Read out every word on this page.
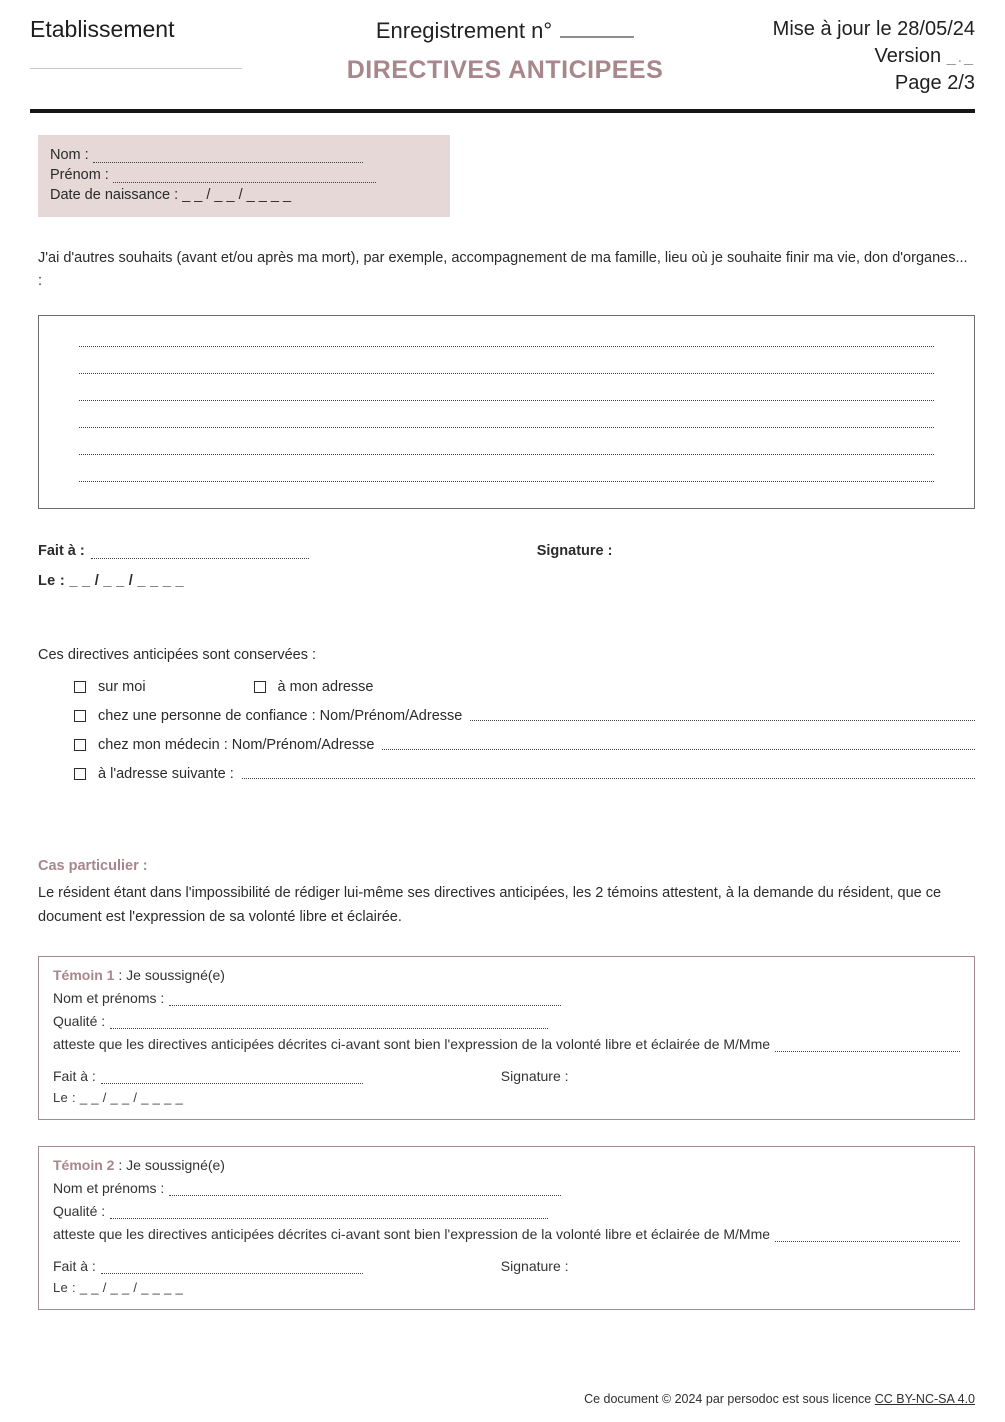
Etablissement	Enregistrement n°
DIRECTIVES ANTICIPEES
Mise à jour le 28/05/24
Version _._
Page 2/3
Nom :
Prénom :
Date de naissance : _ _ / _ _ / _ _ _ _

J'ai d'autres souhaits (avant et/ou après ma mort), par exemple, accompagnement de ma famille, lieu où je souhaite finir ma vie, don d'organes... :

Fait à :	Signature :
Le : _ _ / _ _ / _ _ _ _

Ces directives anticipées sont conservées :

sur moi	à mon adresse
chez une personne de confiance : Nom/Prénom/Adresse
chez mon médecin : Nom/Prénom/Adresse
à l'adresse suivante :
Cas particulier :

Le résident étant dans l'impossibilité de rédiger lui-même ses directives anticipées, les 2 témoins attestent, à la demande du résident, que ce document est l'expression de sa volonté libre et éclairée.

Témoin 1 : Je soussigné(e)
Nom et prénoms :
Qualité :
atteste que les directives anticipées décrites ci-avant sont bien l'expression de la volonté libre et éclairée de M/Mme
Fait à :	Signature :
Le : _ _ / _ _ / _ _ _ _
Témoin 2 : Je soussigné(e)
Nom et prénoms :
Qualité :
atteste que les directives anticipées décrites ci-avant sont bien l'expression de la volonté libre et éclairée de M/Mme
Fait à :	Signature :
Le : _ _ / _ _ / _ _ _ _
Ce document © 2024 par persodoc est sous licence CC BY-NC-SA 4.0
